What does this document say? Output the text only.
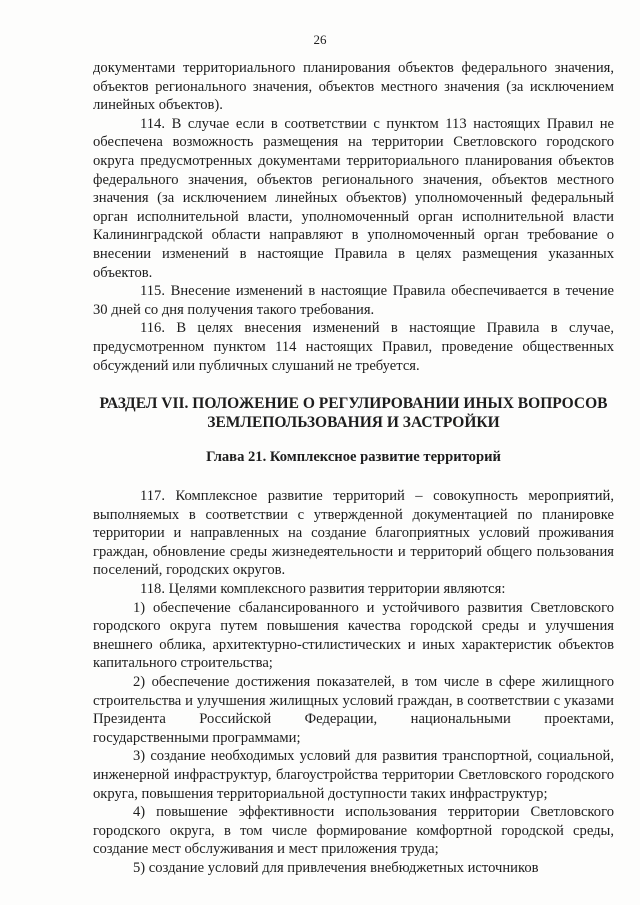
26

документами территориального планирования объектов федерального значения, объектов регионального значения, объектов местного значения (за исключением линейных объектов).

114. В случае если в соответствии с пунктом 113 настоящих Правил не обеспечена возможность размещения на территории Светловского городского округа предусмотренных документами территориального планирования объектов федерального значения, объектов регионального значения, объектов местного значения (за исключением линейных объектов) уполномоченный федеральный орган исполнительной власти, уполномоченный орган исполнительной власти Калининградской области направляют в уполномоченный орган требование о внесении изменений в настоящие Правила в целях размещения указанных объектов.

115. Внесение изменений в настоящие Правила обеспечивается в течение 30 дней со дня получения такого требования.

116. В целях внесения изменений в настоящие Правила в случае, предусмотренном пунктом 114 настоящих Правил, проведение общественных обсуждений или публичных слушаний не требуется.

РАЗДЕЛ VII. ПОЛОЖЕНИЕ О РЕГУЛИРОВАНИИ ИНЫХ ВОПРОСОВ
ЗЕМЛЕПОЛЬЗОВАНИЯ И ЗАСТРОЙКИ
Глава 21. Комплексное развитие территорий

117. Комплексное развитие территорий – совокупность мероприятий, выполняемых в соответствии с утвержденной документацией по планировке территории и направленных на создание благоприятных условий проживания граждан, обновление среды жизнедеятельности и территорий общего пользования поселений, городских округов.

118. Целями комплексного развития территории являются:

1) обеспечение сбалансированного и устойчивого развития Светловского городского округа путем повышения качества городской среды и улучшения внешнего облика, архитектурно-стилистических и иных характеристик объектов капитального строительства;

2) обеспечение достижения показателей, в том числе в сфере жилищного строительства и улучшения жилищных условий граждан, в соответствии с указами Президента Российской Федерации, национальными проектами, государственными программами;

3) создание необходимых условий для развития транспортной, социальной, инженерной инфраструктур, благоустройства территории Светловского городского округа, повышения территориальной доступности таких инфраструктур;

4) повышение эффективности использования территории Светловского городского округа, в том числе формирование комфортной городской среды, создание мест обслуживания и мест приложения труда;

5) создание условий для привлечения внебюджетных источников
